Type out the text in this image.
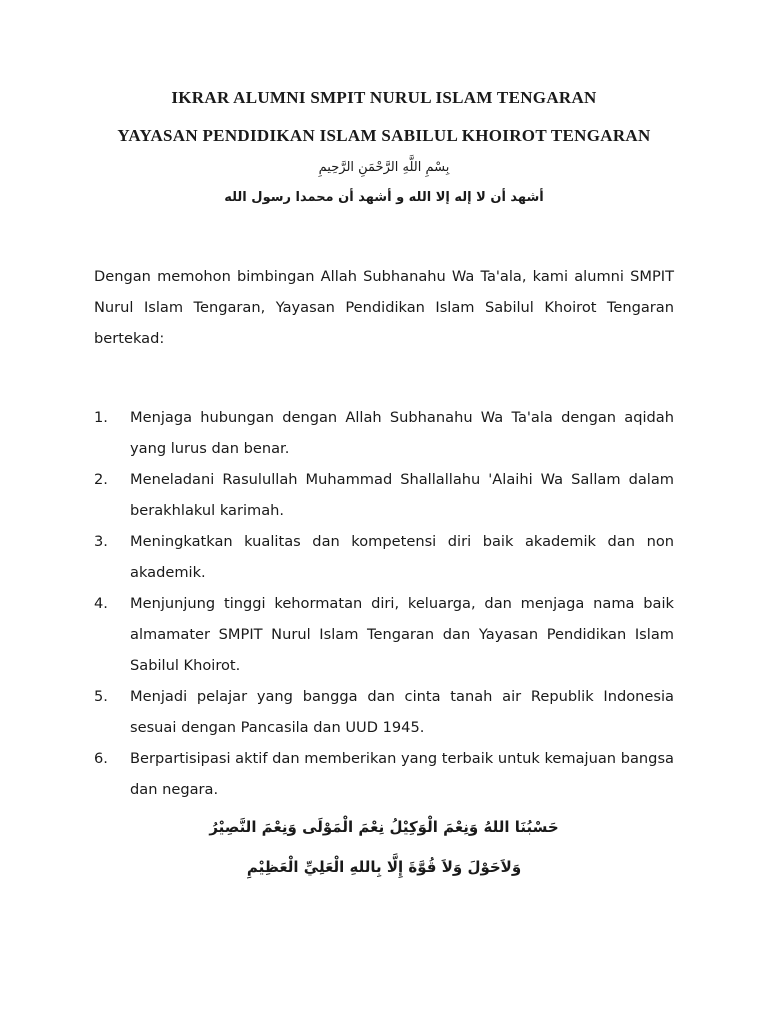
IKRAR ALUMNI SMPIT NURUL ISLAM TENGARAN

YAYASAN PENDIDIKAN ISLAM SABILUL KHOIROT TENGARAN

بِسْمِ اللَّهِ الرَّحْمَنِ الرَّحِيمِ

أشهد أن لا إله إلا الله و أشهد أن محمدا رسول الله

Dengan memohon bimbingan Allah Subhanahu Wa Ta'ala, kami alumni SMPIT Nurul Islam Tengaran, Yayasan Pendidikan Islam Sabilul Khoirot Tengaran bertekad:

1.	Menjaga hubungan dengan Allah Subhanahu Wa Ta'ala dengan aqidah yang lurus dan benar.
2.	Meneladani Rasulullah Muhammad Shallallahu 'Alaihi Wa Sallam dalam berakhlakul karimah.
3.	Meningkatkan kualitas dan kompetensi diri baik akademik dan non akademik.
4.	Menjunjung tinggi kehormatan diri, keluarga, dan menjaga nama baik almamater SMPIT Nurul Islam Tengaran dan Yayasan Pendidikan Islam Sabilul Khoirot.
5.	Menjadi pelajar yang bangga dan cinta tanah air Republik Indonesia sesuai dengan Pancasila dan UUD 1945.
6.	Berpartisipasi aktif dan memberikan yang terbaik untuk kemajuan bangsa dan negara.

حَسْبُنَا اللهُ وَنِعْمَ الْوَكِيْلُ نِعْمَ الْمَوْلَى وَنِعْمَ النَّصِيْرُ

وَلاَحَوْلَ وَلاَ قُوَّةَ إِلَّا بِاللهِ الْعَلِيِّ الْعَظِيْمِ
